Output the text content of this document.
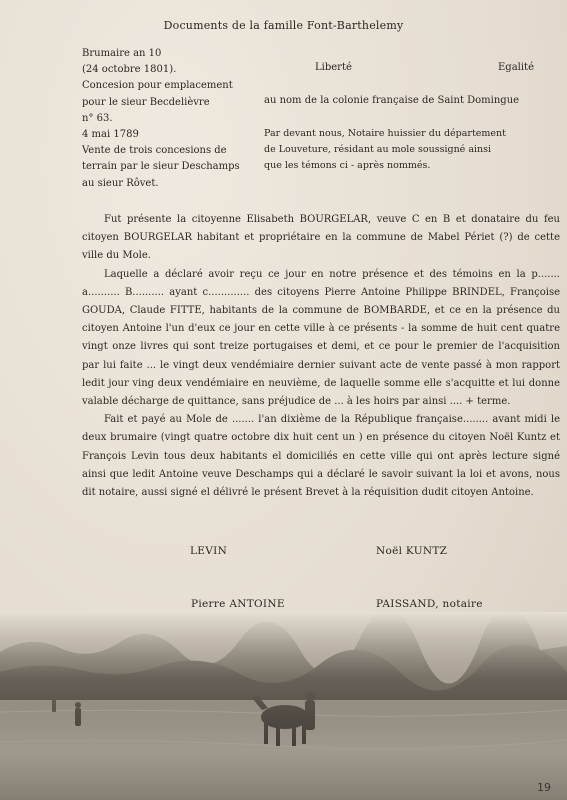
Documents de la famille Font-Barthelemy
Brumaire an 10
(24 octobre 1801).
Concesion pour emplacement
pour le sieur Becdelièvre
n° 63.
4 mai 1789
Vente de trois concesions de
terrain par le sieur Deschamps
au sieur Rôvet.
Liberté	Egalité
au nom de la colonie française de Saint Domingue
Par devant nous, Notaire huissier du département
de Louveture, résidant au mole soussigné ainsi
que les témons ci - après nommés.

Fut présente la citoyenne Elisabeth BOURGELAR, veuve C en B et donataire du feu citoyen BOURGELAR habitant et propriétaire en la commune de Mabel Périet (?) de cette ville du Mole.

Laquelle a déclaré avoir reçu ce jour en notre présence et des témoins en la p....... a.......... B.......... ayant c............. des citoyens Pierre Antoine Philippe BRINDEL, Françoise GOUDA, Claude FITTE, habitants de la commune de BOMBARDE, et ce en la présence du citoyen Antoine l'un d'eux ce jour en cette ville à ce présents - la somme de huit cent quatre vingt onze livres qui sont treize portugaises et demi, et ce pour le premier de l'acquisition par lui faite ... le vingt deux vendémiaire dernier suivant acte de vente passé à mon rapport ledit jour ving deux vendémiaire en neuvième, de laquelle somme elle s'acquitte et lui donne valable décharge de quittance, sans préjudice de ... à les hoirs par ainsi .... + terme.

Fait et payé au Mole de ....... l'an dixième de la République française........ avant midi le deux brumaire (vingt quatre octobre dix huit cent un ) en présence du citoyen Noël Kuntz et François Levin tous deux habitants el domiciliés en cette ville qui ont après lecture signé ainsi que ledit Antoine veuve Deschamps qui a déclaré le savoir suivant la loi et avons, nous dit notaire, aussi signé el délivré le présent Brevet à la réquisition dudit citoyen Antoine.

LEVIN	Noël KUNTZ
Pierre ANTOINE	PAISSAND, notaire
19
